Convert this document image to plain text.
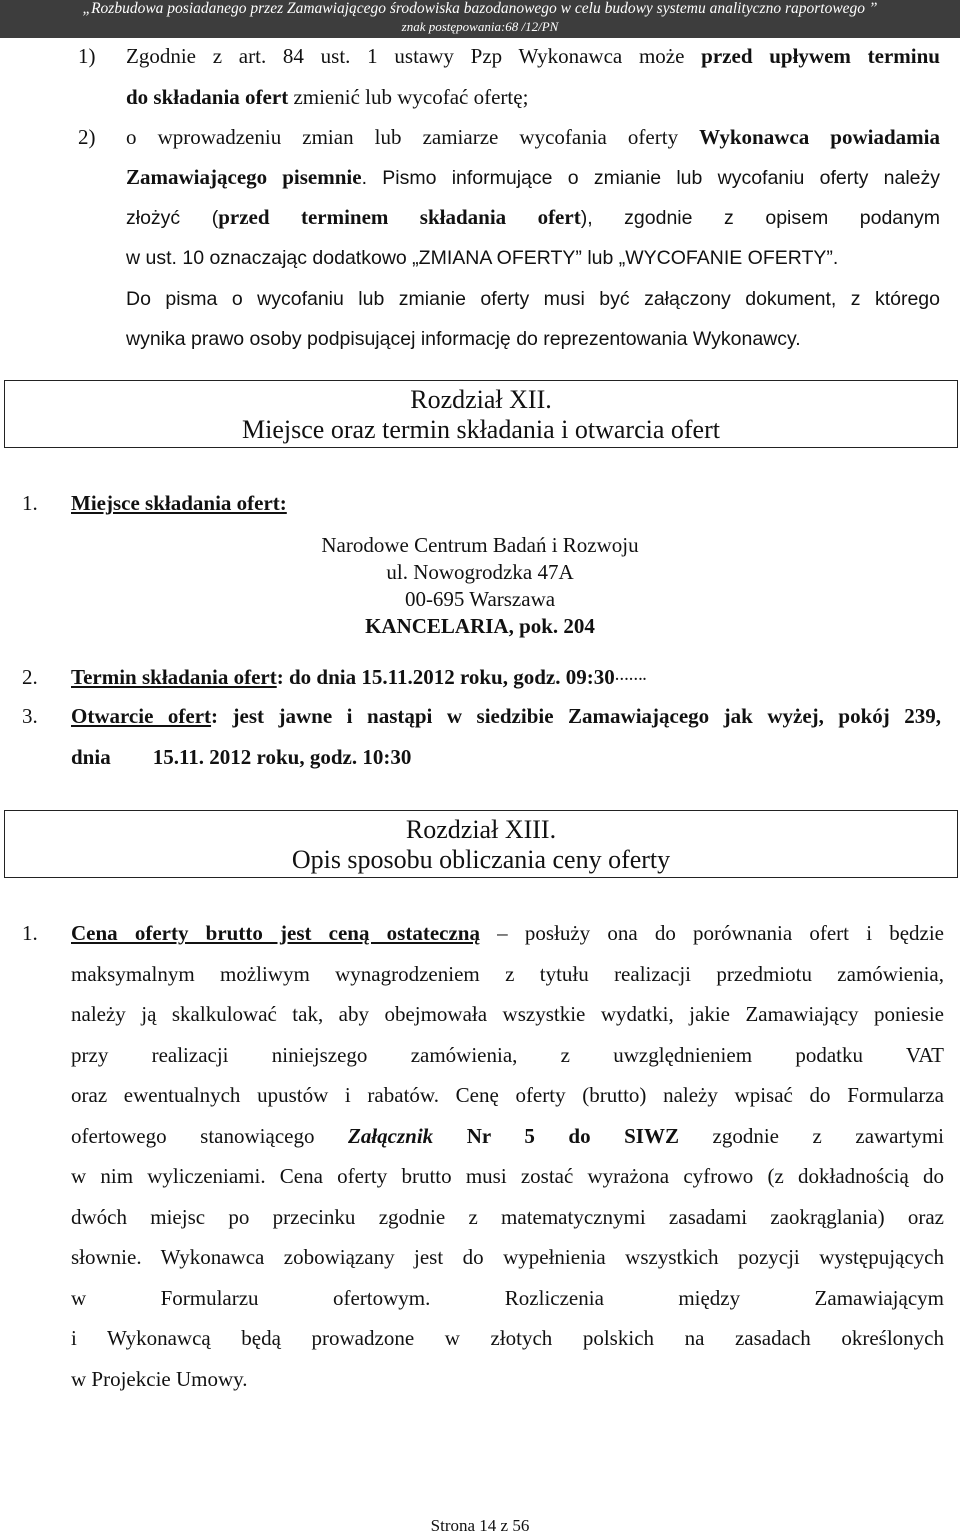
„Rozbudowa posiadanego przez Zamawiającego środowiska bazodanowego w celu budowy systemu analityczno raportowego ”
znak postępowania:68 /12/PN
1) Zgodnie z art. 84 ust. 1 ustawy Pzp Wykonawca może przed upływem terminu
do składania ofert zmienić lub wycofać ofertę;
2) o wprowadzeniu zmian lub zamiarze wycofania oferty Wykonawca powiadamia
Zamawiającego pisemnie. Pismo informujące o zmianie lub wycofaniu oferty należy
złożyć (przed terminem składania ofert), zgodnie z opisem podanym
w ust. 10 oznaczając dodatkowo „ZMIANA OFERTY” lub „WYCOFANIE OFERTY”.
Do pisma o wycofaniu lub zmianie oferty musi być załączony dokument, z którego
wynika prawo osoby podpisującej informację do reprezentowania Wykonawcy.
Rozdział XII.
Miejsce oraz termin składania i otwarcia ofert
1. Miejsce składania ofert:
Narodowe Centrum Badań i Rozwoju
ul. Nowogrodzka 47A
00-695 Warszawa
KANCELARIA, pok. 204
2. Termin składania ofert: do dnia 15.11.2012 roku, godz. 09:30…….
3. Otwarcie ofert: jest jawne i nastąpi w siedzibie Zamawiającego jak wyżej, pokój 239,
dnia        15.11. 2012 roku, godz. 10:30
Rozdział XIII.
Opis sposobu obliczania ceny oferty
1. Cena oferty brutto jest ceną ostateczną – posłuży ona do porównania ofert i będzie
maksymalnym możliwym wynagrodzeniem z tytułu realizacji przedmiotu zamówienia,
należy ją skalkulować tak, aby obejmowała wszystkie wydatki, jakie Zamawiający poniesie
przy realizacji niniejszego zamówienia, z uwzględnieniem podatku VAT
oraz ewentualnych upustów i rabatów. Cenę oferty (brutto) należy wpisać do Formularza
ofertowego stanowiącego Załącznik Nr 5 do SIWZ zgodnie z zawartymi
w nim wyliczeniami. Cena oferty brutto musi zostać wyrażona cyfrowo (z dokładnością do
dwóch miejsc po przecinku zgodnie z matematycznymi zasadami zaokrąglania) oraz
słownie. Wykonawca zobowiązany jest do wypełnienia wszystkich pozycji występujących
w Formularzu ofertowym. Rozliczenia między Zamawiającym
i Wykonawcą będą prowadzone w złotych polskich na zasadach określonych
w Projekcie Umowy.
Strona 14 z 56
